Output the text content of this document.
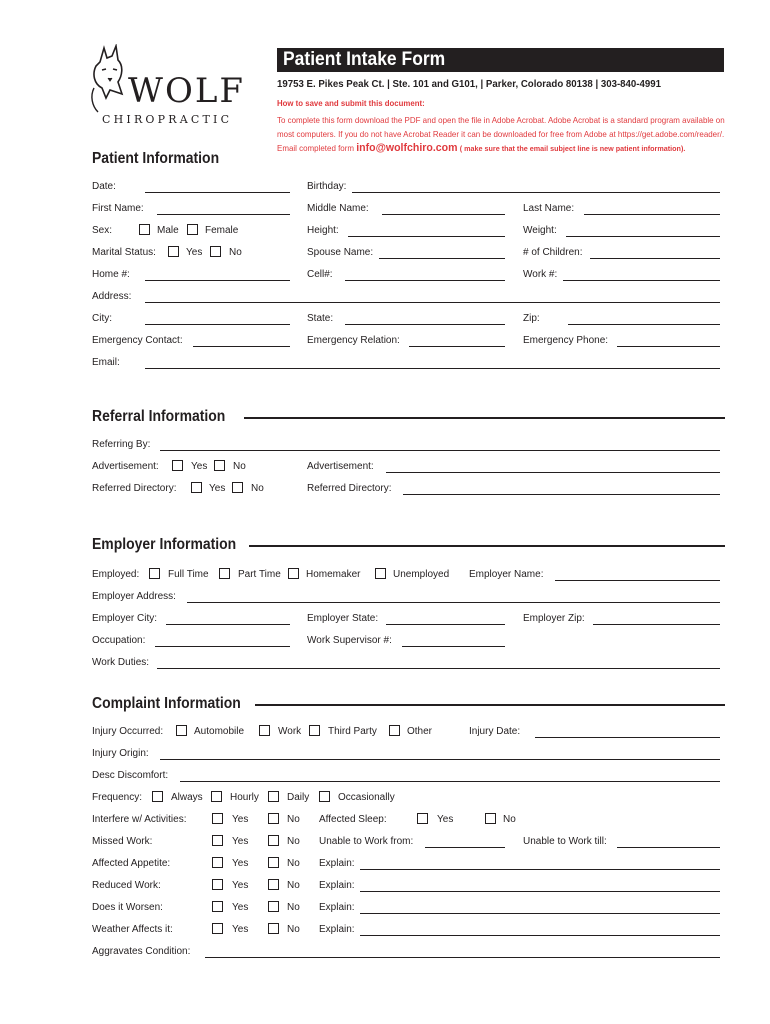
WOLF
CHIROPRACTIC
Patient Intake Form
19753 E. Pikes Peak Ct. | Ste. 101 and G101, | Parker, Colorado 80138 | 303-840-4991
How to save and submit this document:
To complete this form download the PDF and open the file in Adobe Acrobat. Adobe Acrobat is a standard program available on
most computers. If you do not have Acrobat Reader it can be downloaded for free from Adobe at https://get.adobe.com/reader/.
Email completed form info@wolfchiro.com ( make sure that the email subject line is new patient information).
Patient Information
Date:	Birthday:
First Name:	Middle Name:	Last Name:
Sex:	Male	Female	Height:	Weight:
Marital Status:	Yes	No	Spouse Name:	# of Children:
Home #:	Cell#:	Work #:
Address:
City:	State:	Zip:
Emergency Contact:	Emergency Relation:	Emergency Phone:
Email:
Referral Information
Referring By:
Advertisement:	Yes	No	Advertisement:
Referred Directory:	Yes	No	Referred Directory:
Employer Information
Employed:	Full Time	Part Time	Homemaker	Unemployed Employer Name:
Employer Address:
Employer City:	Employer State:	Employer Zip:
Occupation:	Work Supervisor #:
Work Duties:
Complaint Information
Injury Occurred:	Automobile	Work	Third Party	Other	Injury Date:
Injury Origin:
Desc Discomfort:
Frequency:	Always	Hourly	Daily	Occasionally
Interfere w/ Activities:	Yes	No Affected Sleep:	Yes	No
Missed Work:	Yes	No Unable to Work from:	Unable to Work till:
Affected Appetite:	Yes	No Explain:
Reduced Work:	Yes	No Explain:
Does it Worsen:	Yes	No Explain:
Weather Affects it:	Yes	No Explain:
Aggravates Condition:
